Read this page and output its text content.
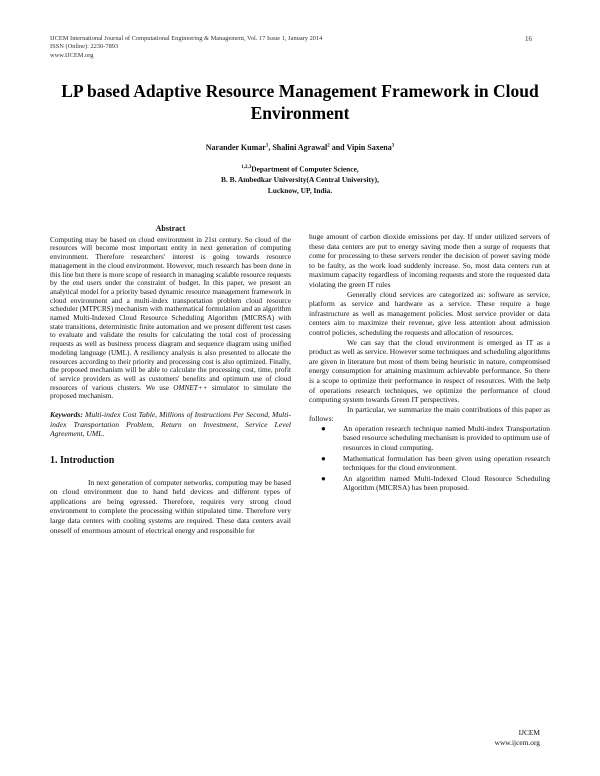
IJCEM International Journal of Computational Engineering & Management, Vol. 17 Issue 1, January 2014
ISSN (Online): 2230-7893
www.IJCEM.org
16
LP based Adaptive Resource Management Framework in Cloud Environment
Narander Kumar$^1$, Shalini Agrawal$^2$ and Vipin Saxena$^3$
$^{1,2,3}$Department of Computer Science,
B. B. Ambedkar University(A Central University),
Lucknow, UP, India.
Abstract

Computing may be based on cloud environment in 21st century. So cloud of the resources will become most important entity in next generation of computing environment. Therefore researchers' interest is going towards resource management in the cloud environment. However, much research has been done in this line but there is more scope of research in managing scalable resource requests by the end users under the constraint of budget. In this paper, we present an analytical model for a priority based dynamic resource management framework in cloud environment and a multi-index transportation problem cloud resource scheduler (MTPCRS) mechanism with mathematical formulation and an algorithm named Multi-Indexed Cloud Resource Scheduling Algorithm (MICRSA) with state transitions, deterministic finite automation and we present different test cases to evaluate and validate the results for calculating the total cost of processing requests as well as business process diagram and sequence diagram using unified modeling language (UML). A resiliency analysis is also presented to allocate the resources according to their priority and processing cost is also optimized. Finally, the proposed mechanism will be able to calculate the processing cost, time, profit of service providers as well as customers' benefits and optimum use of cloud resources of various clusters. We use OMNET++ simulator to simulate the proposed mechanism.

Keywords: Multi-index Cost Table, Millions of Instructions Per Second, Multi-index Transportation Problem, Return on Investment, Service Level Agreement, UML.

1. Introduction

In next generation of computer networks, computing may be based on cloud environment due to hand held devices and different types of applications are being egressed. Therefore, requires very strong cloud environment to complete the processing within stipulated time. Therefore very large data centers with cooling systems are required. These data centers avail oneself of enormous amount of electrical energy and responsible for

huge amount of carbon dioxide emissions per day. If under utilized servers of these data centers are put to energy saving mode then a surge of requests that come for processing to these servers render the decision of power saving mode to be faulty, as the work load suddenly increase. So, most data centers run at maximum capacity regardless of incoming requests and store the requested data violating the green IT rules

Generally cloud services are categorized as: software as service, platform as service and hardware as a service. These require a huge infrastructure as well as management policies. Most service provider or data centers aim to maximize their revenue, give less attention about admission control policies, scheduling the requests and allocation of resources.

We can say that the cloud environment is emerged as IT as a product as well as service. However some techniques and scheduling algorithms are given in literature but most of them being heuristic in nature, compromised energy consumption for attaining maximum achievable performance. So there is a scope to optimize their performance in respect of resources. With the help of operations research techniques, we optimize the performance of cloud computing system towards Green IT perspectives.

In particular, we summarize the main contributions of this paper as follows:

● An operation research technique named Multi-index Transportation based resource scheduling mechanism is provided to optimum use of resources in cloud computing.
● Mathematical formulation has been given using operation research techniques for the cloud environment.
● An algorithm named Multi-Indexed Cloud Resource Scheduling Algorithm (MICRSA) has been proposed.
IJCEM
www.ijcem.org
